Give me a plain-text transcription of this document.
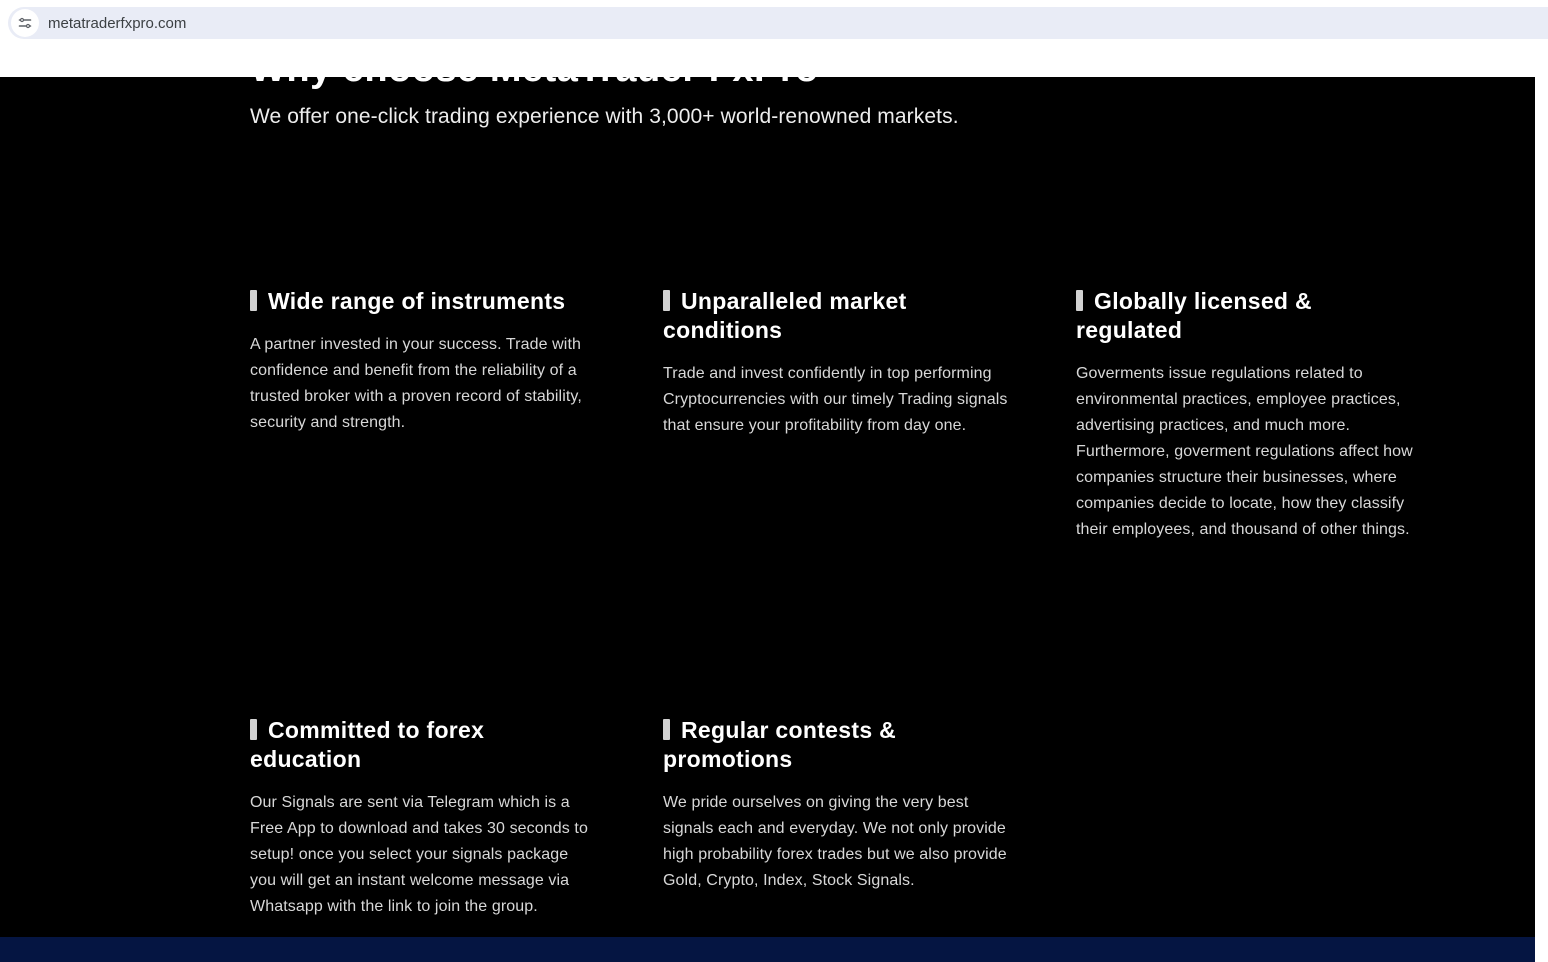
metatraderfxpro.com
Why choose MetaTrader FxPro

We offer one-click trading experience with 3,000+ world-renowned markets.

Wide range of instruments

A partner invested in your success. Trade with confidence and benefit from the reliability of a trusted broker with a proven record of stability, security and strength.

Unparalleled market conditions

Trade and invest confidently in top performing Cryptocurrencies with our timely Trading signals that ensure your profitability from day one.

Globally licensed & regulated

Goverments issue regulations related to environmental practices, employee practices, advertising practices, and much more. Furthermore, goverment regulations affect how companies structure their businesses, where companies decide to locate, how they classify their employees, and thousand of other things.

Committed to forex education

Our Signals are sent via Telegram which is a Free App to download and takes 30 seconds to setup! once you select your signals package you will get an instant welcome message via Whatsapp with the link to join the group.

Regular contests & promotions

We pride ourselves on giving the very best signals each and everyday. We not only provide high probability forex trades but we also provide Gold, Crypto, Index, Stock Signals.
